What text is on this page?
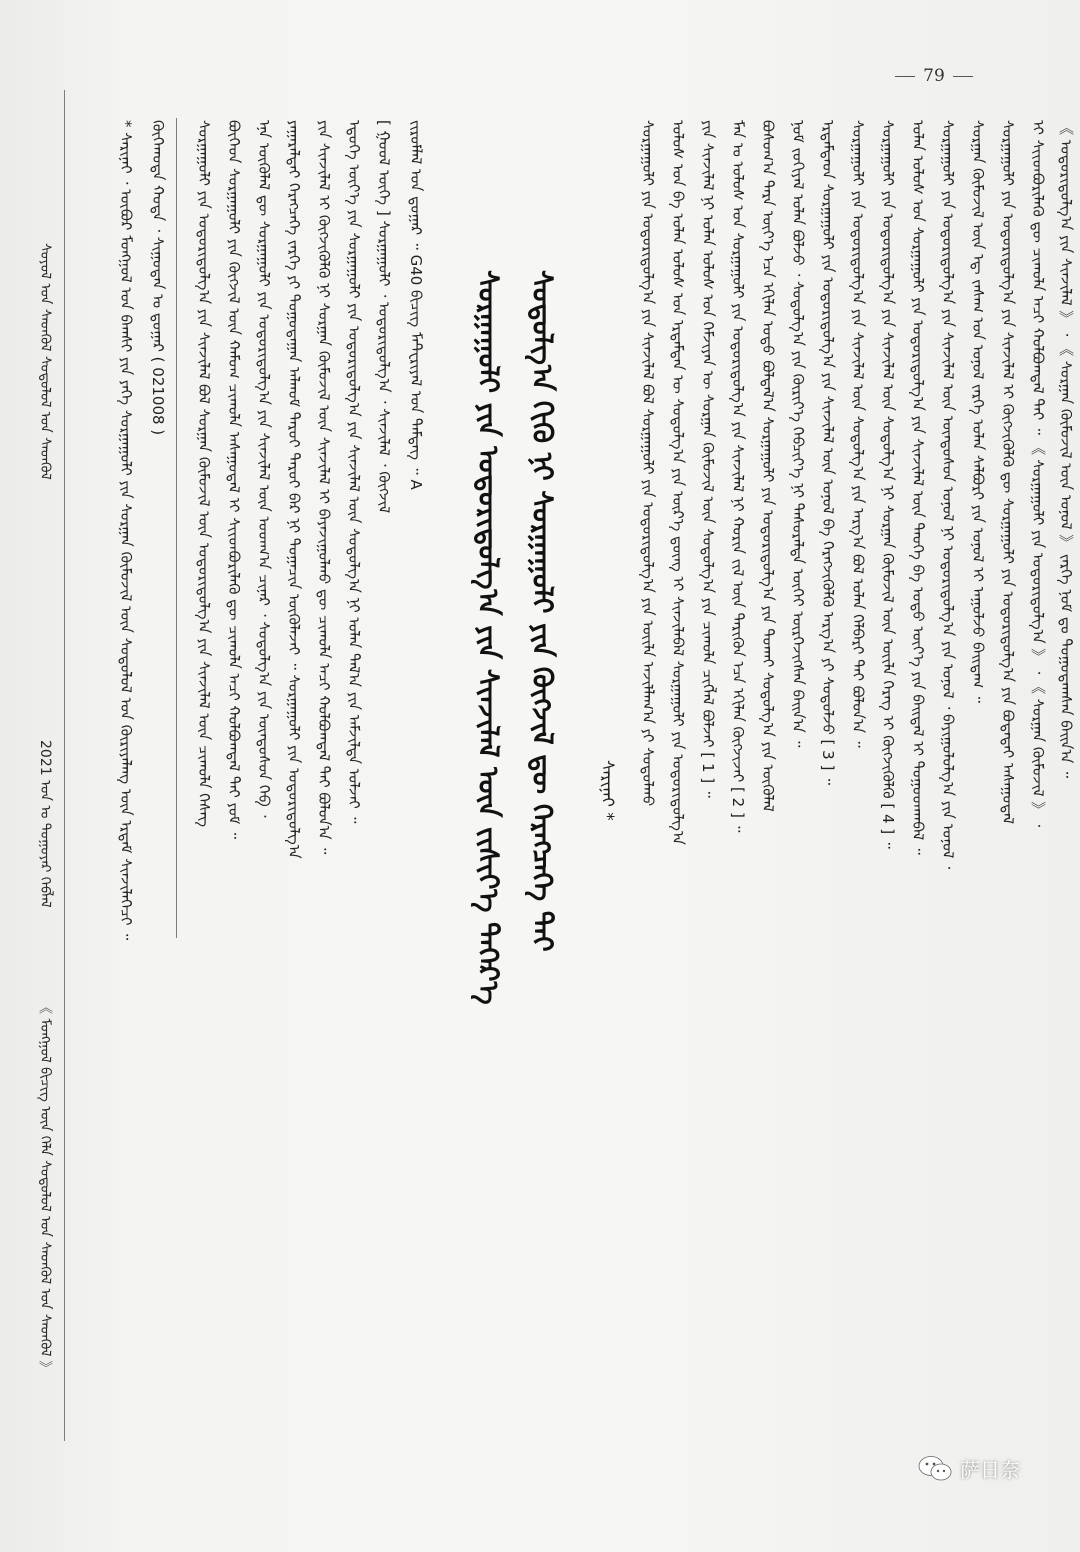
79
《 ᠮᠣᠩᠭᠣᠯ ᠪᠢᠴᠢᠭ ᠦᠨ ᠬᠡᠯᠡ ᠰᠤᠳᠤᠯᠤᠯ ᠤᠨ ᠰᠡᠳᠬᠦᠯ ᠤᠨ ᠰᠡᠳᠬᠦᠯ 》
2021 ᠣᠨ ᠤ ᠳᠣᠭᠤᠶᠠᠷ ᠬᠡᠪᠯᠡᠯ
ᠰᠣᠶᠣᠯ ᠤᠨ ᠰᠡᠳᠬᠦᠯ ᠰᠤᠳᠤᠯᠤᠯ ᠤᠨ ᠰᠡᠳᠬᠦᠯ	* ᠰᠠᠷᠢᠨᠠᠢ ᠂ ᠥᠪᠥᠷ ᠮᠣᠩᠭᠣᠯ ᠤᠨ ᠪᠠᠭᠰᠢ ᠶᠢᠨ ᠶᠡᠬᠡ ᠰᠤᠷᠭᠠᠭᠤᠯᠢ ᠶᠢᠨ ᠰᠤᠷᠭᠠᠨ ᠬᠦᠮᠦᠵᠢᠯ ᠦᠨ ᠰᠤᠳᠤᠯᠤᠯ ᠤᠨ ᠬᠦᠷᠢᠶᠡᠯᠡᠩ ᠦᠨ ᠡᠷᠳᠡᠮ ᠰᠢᠨᠵᠢᠯᠡᠭᠡᠴᠢ ᠃ ᠬᠥᠬᠡᠬᠣᠲᠠ ᠬᠣᠳᠠ ᠂ ᠰᠢᠭᠤᠳᠠᠨ ᠤ ᠳ᠋ᠤᠭᠠᠷ ( 021008 ) ᠰᠤᠷᠭᠠᠭᠤᠯᠢ ᠶᠢᠨ ᠤᠳᠤᠷᠢᠳᠤᠯᠭ᠎ᠠ ᠶᠢᠨ ᠰᠢᠨᠵᠢᠯᠡᠯ ᠪᠣᠯ ᠰᠤᠷᠭᠠᠨ ᠬᠦᠮᠦᠵᠢᠯ ᠦᠨ ᠤᠳᠤᠷᠢᠳᠤᠯᠭ᠎ᠠ ᠶᠢᠨ ᠰᠢᠨᠵᠢᠯᠡᠯ ᠦᠨ ᠴᠢᠬᠤᠯᠠ ᠬᠡᠰᠡᠭ ᠪᠥᠭᠡᠳ ᠰᠤᠷᠭᠠᠭᠤᠯᠢ ᠶᠢᠨ ᠬᠥᠭᠵᠢᠯ ᠦᠨ ᠬᠠᠮᠤᠭ ᠴᠢᠬᠤᠯᠠ ᠠᠰᠠᠭᠤᠳᠠᠯ ᠢ ᠰᠢᠢᠳᠪᠦᠷᠢᠯᠡᠬᠦ ᠳᠦ ᠴᠢᠬᠤᠯᠠ ᠠᠴᠢ ᠬᠣᠯᠪᠣᠭᠳᠠᠯ ᠲᠠᠢ ᠶᠤᠮ ᠃ ᠡᠨᠡ ᠥᠭᠦᠯᠡᠯ ᠳᠦ ᠰᠤᠷᠭᠠᠭᠤᠯᠢ ᠶᠢᠨ ᠤᠳᠤᠷᠢᠳᠤᠯᠭ᠎ᠠ ᠶᠢᠨ ᠰᠢᠨᠵᠢᠯᠡᠯ ᠦᠨ ᠤᠳᠬ᠎ᠠ ᠴᠢᠨᠠᠷ ᠂ ᠰᠤᠳᠤᠯᠭ᠎ᠠ ᠶᠢᠨ ᠦᠨᠳᠦᠰᠦᠨ ᠬᠡᠪ ᠂ ᠶᠠᠭᠠᠷᠠᠯᠲᠠᠢ ᠬᠡᠷᠡᠭᠴᠡᠭᠡ ᠵᠡᠷᠭᠡ ᠶᠢ ᠲᠣᠭᠤᠳᠠᠭᠠᠨ ᠠᠯᠬᠤᠮ ᠳᠠᠷᠤᠢ ᠳᠠᠷᠤᠢ ᠪᠠᠷ ᠨᠢ ᠲᠣᠭᠠᠴᠢᠨ ᠦᠭᠦᠯᠡᠵᠡᠢ ᠃ ᠰᠤᠷᠭᠠᠭᠤᠯᠢ ᠶᠢᠨ ᠤᠳᠤᠷᠢᠳᠤᠯᠭ᠎ᠠ ᠶᠢᠨ ᠰᠢᠨᠵᠢᠯᠡᠯ ᠢ ᠬᠥᠭᠵᠢᠭᠦᠯᠬᠦ ᠨᠢ ᠰᠤᠷᠭᠠᠨ ᠬᠦᠮᠦᠵᠢᠯ ᠦᠨ ᠰᠢᠨᠵᠢᠯᠡᠯ ᠢ ᠪᠠᠶᠠᠵᠢᠭᠤᠯᠬᠤ ᠳᠦ ᠴᠢᠬᠤᠯᠠ ᠠᠴᠢ ᠬᠣᠯᠪᠣᠭᠳᠠᠯ ᠲᠠᠢ ᠪᠣᠯᠤᠨ᠎ᠠ ᠃ ᠡᠳᠦᠭᠡ ᠦᠶ᠎ᠡ ᠶᠢᠨ ᠰᠤᠷᠭᠠᠭᠤᠯᠢ ᠶᠢᠨ ᠤᠳᠤᠷᠢᠳᠤᠯᠭ᠎ᠠ ᠶᠢᠨ ᠰᠢᠨᠵᠢᠯᠡᠯ ᠦᠨ ᠰᠤᠳᠤᠯᠭ᠎ᠠ ᠨᠢ ᠣᠯᠠᠨ ᠲᠠᠯ᠎ᠠ ᠶᠢᠨ ᠠᠮᠵᠢᠯᠲᠠ ᠣᠯᠵᠠᠢ ᠃ [ ᠭᠣᠣᠯ ᠦᠭᠡ ] ᠰᠤᠷᠭᠠᠭᠤᠯᠢ ᠂ ᠤᠳᠤᠷᠢᠳᠤᠯᠭ᠎ᠠ ᠂ ᠰᠢᠨᠵᠢᠯᠡᠯ ᠂ ᠬᠥᠭᠵᠢᠯ ᠵᠢᠷᠤᠮᠯᠠᠯ ᠤᠨ ᠳ᠋ᠤᠭᠠᠷ ᠃ G40 ᠪᠢᠴᠢᠭ ᠮᠠᠲ᠋ᠧᠷᠢᠶᠠᠯ ᠤᠨ ᠲᠡᠮᠳᠡᠭ ᠃ A ᠰᠤᠷᠭᠠᠭᠤᠯᠢ ᠶᠢᠨ ᠤᠳᠤᠷᠢᠳᠤᠯᠭ᠎ᠠ ᠶᠢᠨ ᠰᠢᠨᠵᠢᠯᠡᠯ ᠦᠨ ᠵᠢᠱᠢᠶ᠎ᠡ ᠳᠡᠭᠡᠷ᠎ᠡ ᠰᠤᠳᠤᠯᠭ᠎ᠠ ᠬᠢᠬᠦ ᠨᠢ ᠰᠤᠷᠭᠠᠭᠤᠯᠢ ᠶᠢᠨ ᠬᠥᠭᠵᠢᠯ ᠳᠦ ᠬᠡᠷᠡᠭᠴᠡᠭᠡ ᠲᠠᠢ ᠰᠠᠷᠢᠨᠠᠢ * ᠰᠤᠷᠭᠠᠭᠤᠯᠢ ᠶᠢᠨ ᠤᠳᠤᠷᠢᠳᠤᠯᠭ᠎ᠠ ᠶᠢᠨ ᠰᠢᠨᠵᠢᠯᠡᠯ ᠪᠣᠯ ᠰᠤᠷᠭᠠᠭᠤᠯᠢ ᠶᠢᠨ ᠤᠳᠤᠷᠢᠳᠤᠯᠭ᠎ᠠ ᠶᠢᠨ ᠦᠢᠯᠡ ᠠᠵᠢᠯᠯᠠᠭ᠎ᠠ ᠶᠢ ᠰᠤᠳᠤᠯᠬᠤ ᠤᠯᠤᠰ ᠤᠨ ᠪᠠ ᠣᠯᠠᠨ ᠤᠯᠤᠰ ᠤᠨ ᠡᠷᠳᠡᠮᠲᠡᠨ ᠦ ᠰᠤᠳᠤᠯᠭ᠎ᠠ ᠶᠢᠨ ᠦᠷ᠎ᠡ ᠳ᠋ᠦᠩ ᠢ ᠰᠢᠨᠵᠢᠯᠡᠪᠡᠯ ᠰᠤᠷᠭᠠᠭᠤᠯᠢ ᠶᠢᠨ ᠤᠳᠤᠷᠢᠳᠤᠯᠭ᠎ᠠ ᠶᠢᠨ ᠰᠢᠨᠵᠢᠯᠡᠯ ᠨᠢ ᠣᠯᠠᠨ ᠤᠯᠤᠰ ᠤᠨ ᠬᠡᠮᠵᠢᠶᠡᠨ ᠦ ᠰᠤᠷᠭᠠᠨ ᠬᠦᠮᠦᠵᠢᠯ ᠦᠨ ᠰᠤᠳᠤᠯᠭ᠎ᠠ ᠶᠢᠨ ᠴᠢᠬᠤᠯᠠ ᠴᠢᠭᠯᠡᠯ ᠪᠣᠯᠵᠠᠢ [ 1 ] ᠃ ᠮᠠᠨ ᠤ ᠤᠯᠤᠰ ᠤᠨ ᠰᠤᠷᠭᠠᠭᠤᠯᠢ ᠶᠢᠨ ᠤᠳᠤᠷᠢᠳᠤᠯᠭ᠎ᠠ ᠶᠢᠨ ᠰᠢᠨᠵᠢᠯᠡᠯ ᠨᠢ ᠬᠣᠷᠢᠨ ᠵᠢᠯ ᠦᠨ ᠲᠡᠷᠢᠭᠦᠨ ᠡᠴᠡ ᠡᠬᠢᠯᠡᠨ ᠬᠥᠭᠵᠢᠵᠡᠢ [ 2 ] ᠃ ᠪᠣᠰᠤᠭ᠎ᠠ ᠲᠡᠷᠡ ᠦᠶ᠎ᠡ ᠡᠴᠡ ᠡᠬᠢᠯᠡᠨ ᠣᠳᠣ ᠪᠣᠯᠲᠠᠯ᠎ᠠ ᠰᠤᠷᠭᠠᠭᠤᠯᠢ ᠶᠢᠨ ᠤᠳᠤᠷᠢᠳᠤᠯᠭ᠎ᠠ ᠶᠢᠨ ᠲᠤᠬᠠᠢ ᠰᠤᠳᠤᠯᠭ᠎ᠠ ᠶᠢᠨ ᠥᠭᠦᠯᠡᠯ ᠨᠣᠮ ᠵᠣᠬᠢᠶᠠᠯ ᠣᠯᠠᠨ ᠪᠣᠯᠵᠤ ᠂ ᠰᠤᠳᠤᠯᠭ᠎ᠠ ᠶᠢᠨ ᠬᠦᠷᠢᠶ᠎ᠡ ᠬᠡᠪᠴᠢᠶ᠎ᠡ ᠨᠢ ᠲᠠᠰᠤᠷᠠᠯᠲᠠ ᠦᠭᠡᠢ ᠥᠷᠭᠡᠵᠢᠭᠰᠡᠨ ᠪᠠᠢᠨ᠎ᠠ ᠃ ᠡᠷᠳᠡᠮᠲᠡᠳ ᠰᠤᠷᠭᠠᠭᠤᠯᠢ ᠶᠢᠨ ᠤᠳᠤᠷᠢᠳᠤᠯᠭ᠎ᠠ ᠶᠢᠨ ᠰᠢᠨᠵᠢᠯᠡᠯ ᠦᠨ ᠣᠨᠣᠯ ᠪᠠ ᠬᠡᠷᠡᠭᠵᠢᠭᠦᠯᠬᠦ ᠠᠷᠭ᠎ᠠ ᠶᠢ ᠰᠤᠳᠤᠯᠵᠤ [ 3 ] ᠃ ᠰᠤᠷᠭᠠᠭᠤᠯᠢ ᠶᠢᠨ ᠤᠳᠤᠷᠢᠳᠤᠯᠭ᠎ᠠ ᠶᠢᠨ ᠰᠢᠨᠵᠢᠯᠡᠯ ᠦᠨ ᠰᠤᠳᠤᠯᠭ᠎ᠠ ᠶᠢᠨ ᠠᠷᠭ᠎ᠠ ᠪᠣᠯ ᠣᠯᠠᠨ ᠬᠡᠯᠪᠡᠷᠢ ᠲᠠᠢ ᠪᠣᠯᠤᠨ᠎ᠠ ᠃ ᠰᠤᠷᠭᠠᠭᠤᠯᠢ ᠶᠢᠨ ᠤᠳᠤᠷᠢᠳᠤᠯᠭ᠎ᠠ ᠶᠢᠨ ᠰᠢᠨᠵᠢᠯᠡᠯ ᠦᠨ ᠰᠤᠳᠤᠯᠭ᠎ᠠ ᠨᠢ ᠰᠤᠷᠭᠠᠨ ᠬᠦᠮᠦᠵᠢᠯ ᠦᠨ ᠦᠢᠯᠡ ᠬᠡᠷᠡᠭ ᠢ ᠬᠥᠭᠵᠢᠭᠦᠯᠬᠦ [ 4 ] ᠃ ᠣᠯᠠᠨ ᠤᠯᠤᠰ ᠤᠨ ᠰᠤᠷᠭᠠᠭᠤᠯᠢ ᠶᠢᠨ ᠤᠳᠤᠷᠢᠳᠤᠯᠭ᠎ᠠ ᠶᠢᠨ ᠰᠢᠨᠵᠢᠯᠡᠯ ᠦᠨ ᠲᠡᠦᠬᠡ ᠪᠠ ᠣᠳᠣ ᠦᠶ᠎ᠡ ᠶᠢᠨ ᠪᠠᠢᠳᠠᠯ ᠢ ᠲᠣᠭᠤᠳᠬᠠᠪᠠᠯ ᠃ ᠰᠤᠷᠭᠠᠭᠤᠯᠢ ᠶᠢᠨ ᠤᠳᠤᠷᠢᠳᠤᠯᠭ᠎ᠠ ᠶᠢᠨ ᠰᠢᠨᠵᠢᠯᠡᠯ ᠦᠨ ᠦᠨᠳᠦᠰᠦᠨ ᠣᠨᠣᠯ ᠨᠢ ᠤᠳᠤᠷᠢᠳᠤᠯᠭ᠎ᠠ ᠶᠢᠨ ᠣᠨᠣᠯ ᠂ ᠪᠠᠶᠢᠭᠤᠯᠤᠯᠭ᠎ᠠ ᠶᠢᠨ ᠣᠨᠣᠯ ᠂ ᠰᠤᠷᠭᠠᠨ ᠬᠦᠮᠦᠵᠢᠯ ᠦᠨ ᠡᠳ᠋ ᠵᠠᠰᠠᠭ ᠤᠨ ᠣᠨᠣᠯ ᠵᠡᠷᠭᠡ ᠣᠯᠠᠨ ᠰᠠᠯᠪᠤᠷᠢ ᠶᠢᠨ ᠣᠨᠣᠯ ᠢ ᠠᠭᠤᠯᠵᠤ ᠪᠠᠢᠳᠠᠭ ᠃ ᠰᠤᠷᠭᠠᠭᠤᠯᠢ ᠶᠢᠨ ᠤᠳᠤᠷᠢᠳᠤᠯᠭ᠎ᠠ ᠶᠢᠨ ᠰᠢᠨᠵᠢᠯᠡᠯ ᠢ ᠬᠥᠭᠵᠢᠭᠦᠯᠬᠦ ᠳᠦ ᠰᠤᠷᠭᠠᠭᠤᠯᠢ ᠶᠢᠨ ᠤᠳᠤᠷᠢᠳᠤᠯᠭ᠎ᠠ ᠶᠢᠨ ᠪᠣᠳᠠᠳᠠᠢ ᠠᠰᠠᠭᠤᠳᠠᠯ ᠢ ᠰᠢᠢᠳᠪᠦᠷᠢᠯᠡᠬᠦ ᠳᠦ ᠴᠢᠬᠤᠯᠠ ᠠᠴᠢ ᠬᠣᠯᠪᠣᠭᠳᠠᠯ ᠲᠠᠢ ᠃ 《 ᠰᠤᠷᠭᠠᠭᠤᠯᠢ ᠶᠢᠨ ᠤᠳᠤᠷᠢᠳᠤᠯᠭ᠎ᠠ 》 ᠂ 《 ᠰᠤᠷᠭᠠᠨ ᠬᠦᠮᠦᠵᠢᠯ 》 ᠂ 《 ᠤᠳᠤᠷᠢᠳᠤᠯᠭ᠎ᠠ ᠶᠢᠨ ᠰᠢᠨᠵᠢᠯᠡᠯ 》 ᠂ 《 ᠰᠤᠷᠭᠠᠨ ᠬᠦᠮᠦᠵᠢᠯ ᠦᠨ ᠣᠨᠣᠯ 》 ᠵᠡᠷᠭᠡ ᠨᠣᠮ ᠳᠤ ᠲᠣᠭᠤᠳᠠᠭᠰᠠᠨ ᠪᠠᠢᠨ᠎ᠠ ᠃
萨日奈
